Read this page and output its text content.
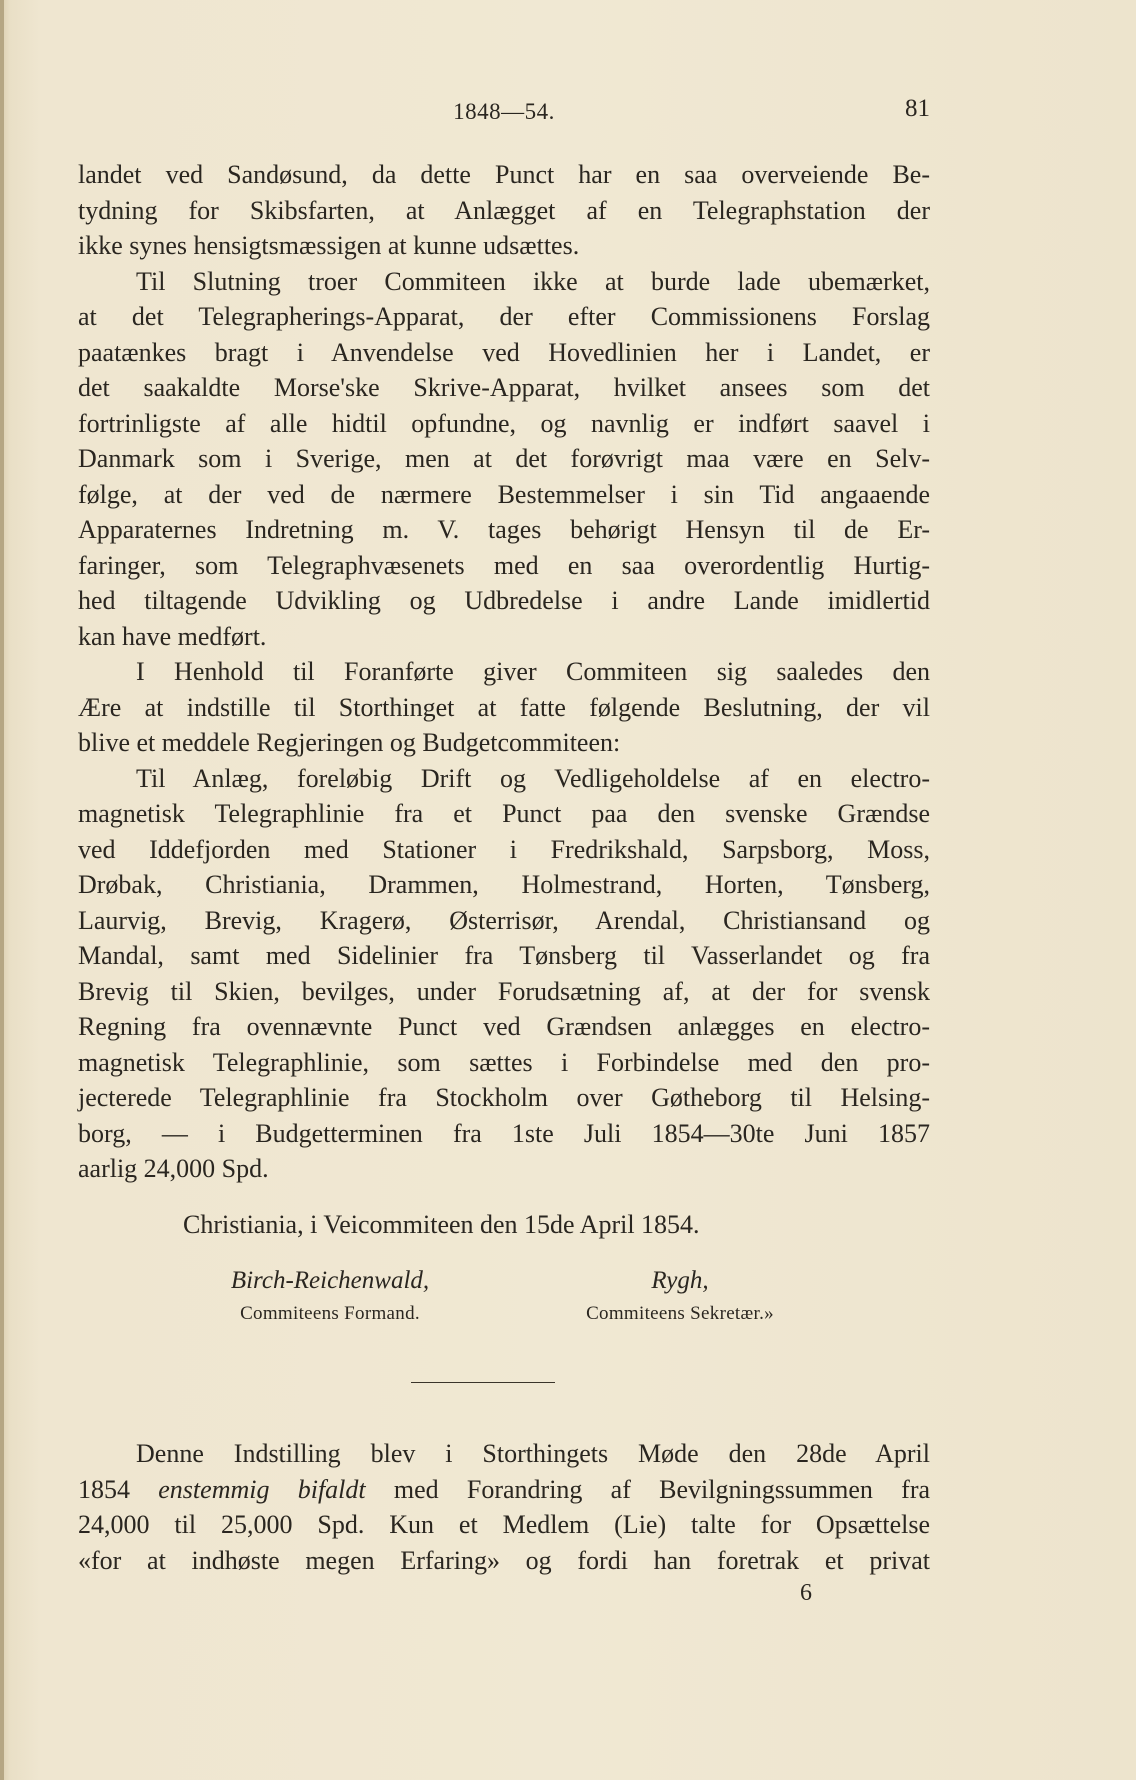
1848—54.	81
landet ved Sandøsund, da dette Punct har en saa overveiende Be-
tydning for Skibsfarten, at Anlægget af en Telegraphstation der
ikke synes hensigtsmæssigen at kunne udsættes.
Til Slutning troer Commiteen ikke at burde lade ubemærket,
at det Telegrapherings-Apparat, der efter Commissionens Forslag
paatænkes bragt i Anvendelse ved Hovedlinien her i Landet, er
det saakaldte Morse'ske Skrive-Apparat, hvilket ansees som det
fortrinligste af alle hidtil opfundne, og navnlig er indført saavel i
Danmark som i Sverige, men at det forøvrigt maa være en Selv-
følge, at der ved de nærmere Bestemmelser i sin Tid angaaende
Apparaternes Indretning m. V. tages behørigt Hensyn til de Er-
faringer, som Telegraphvæsenets med en saa overordentlig Hurtig-
hed tiltagende Udvikling og Udbredelse i andre Lande imidlertid
kan have medført.
I Henhold til Foranførte giver Commiteen sig saaledes den
Ære at indstille til Storthinget at fatte følgende Beslutning, der vil
blive et meddele Regjeringen og Budgetcommiteen:
Til Anlæg, foreløbig Drift og Vedligeholdelse af en electro-
magnetisk Telegraphlinie fra et Punct paa den svenske Grændse
ved Iddefjorden med Stationer i Fredrikshald, Sarpsborg, Moss,
Drøbak, Christiania, Drammen, Holmestrand, Horten, Tønsberg,
Laurvig, Brevig, Kragerø, Østerrisør, Arendal, Christiansand og
Mandal, samt med Sidelinier fra Tønsberg til Vasserlandet og fra
Brevig til Skien, bevilges, under Forudsætning af, at der for svensk
Regning fra ovennævnte Punct ved Grændsen anlægges en electro-
magnetisk Telegraphlinie, som sættes i Forbindelse med den pro-
jecterede Telegraphlinie fra Stockholm over Gøtheborg til Helsing-
borg, — i Budgetterminen fra 1ste Juli 1854—30te Juni 1857
aarlig 24,000 Spd.
Christiania, i Veicommiteen den 15de April 1854.
Birch-Reichenwald,
Commiteens Formand.
Rygh,
Commiteens Sekretær.»
Denne Indstilling blev i Storthingets Møde den 28de April
1854 enstemmig bifaldt med Forandring af Bevilgningssummen fra
24,000 til 25,000 Spd. Kun et Medlem (Lie) talte for Opsættelse
«for at indhøste megen Erfaring» og fordi han foretrak et privat
6
